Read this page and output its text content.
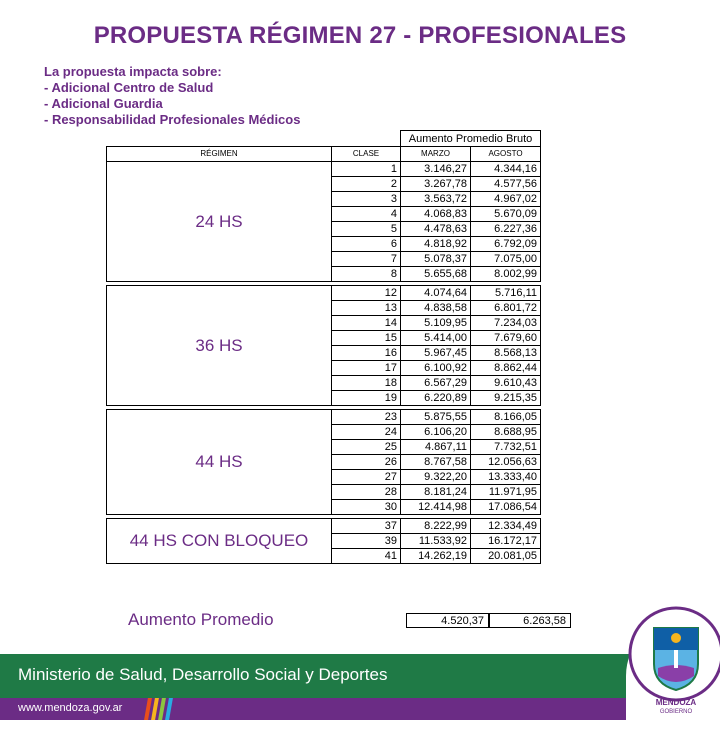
PROPUESTA RÉGIMEN 27 - PROFESIONALES
La propuesta impacta sobre:
- Adicional Centro de Salud
- Adicional Guardia
- Responsabilidad Profesionales Médicos
		Aumento Promedio Bruto	
RÉGIMEN	CLASE	MARZO	AGOSTO
24 HS	1	3.146,27	4.344,16
	2	3.267,78	4.577,56
	3	3.563,72	4.967,02
	4	4.068,83	5.670,09
	5	4.478,63	6.227,36
	6	4.818,92	6.792,09
	7	5.078,37	7.075,00
	8	5.655,68	8.002,99

36 HS	12	4.074,64	5.716,11
	13	4.838,58	6.801,72
	14	5.109,95	7.234,03
	15	5.414,00	7.679,60
	16	5.967,45	8.568,13
	17	6.100,92	8.862,44
	18	6.567,29	9.610,43
	19	6.220,89	9.215,35

44 HS	23	5.875,55	8.166,05
	24	6.106,20	8.688,95
	25	4.867,11	7.732,51
	26	8.767,58	12.056,63
	27	9.322,20	13.333,40
	28	8.181,24	11.971,95
	30	12.414,98	17.086,54

44 HS CON BLOQUEO	37	8.222,99	12.334,49
	39	11.533,92	16.172,17
	41	14.262,19	20.081,05
Aumento Promedio	4.520,37	6.263,58
Ministerio de Salud, Desarrollo Social y Deportes
www.mendoza.gov.ar	MENDOZA
GOBIERNO
